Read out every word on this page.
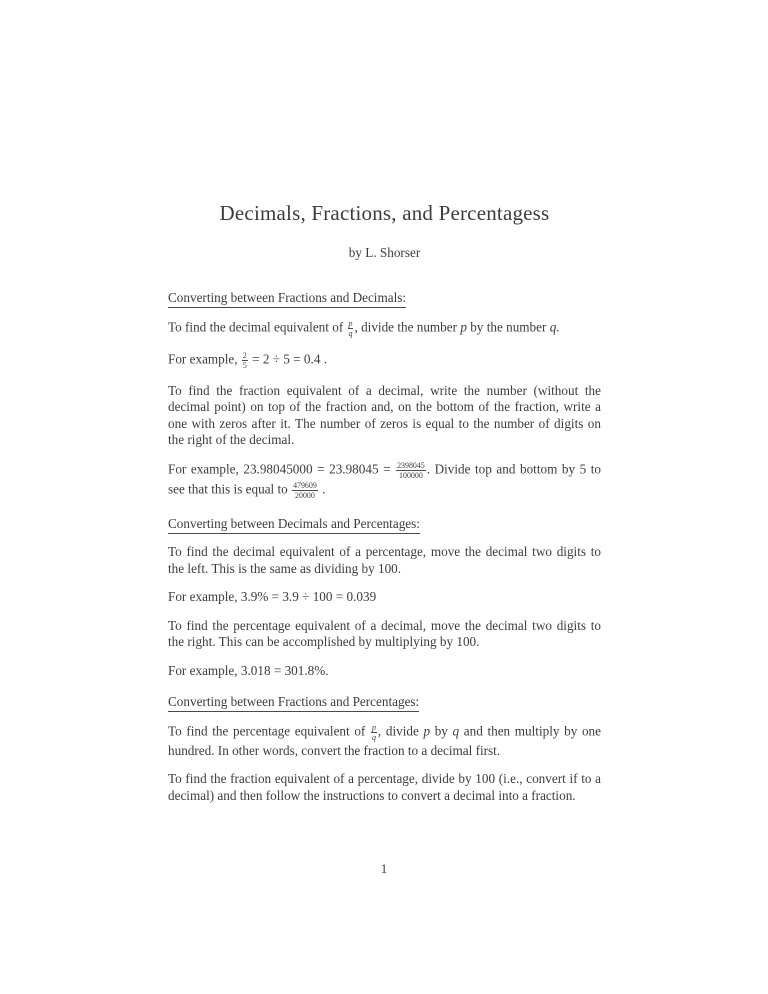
Decimals, Fractions, and Percentagess

by L. Shorser

Converting between Fractions and Decimals:

To find the decimal equivalent of $\frac{p}{q}$ , divide the number p by the number q.

For example, $\frac{2}{5} = 2 \div 5 = 0.4$ .

To find the fraction equivalent of a decimal, write the number (without the decimal point) on top of the fraction and, on the bottom of the fraction, write a one with zeros after it. The number of zeros is equal to the number of digits on the right of the decimal.

For example, $23.98045000 = 23.98045 = \frac{2398045}{100000}$ . Divide top and bottom by 5 to see that this is equal to $\frac{479609}{20000}$ .

Converting between Decimals and Percentages:

To find the decimal equivalent of a percentage, move the decimal two digits to the left. This is the same as dividing by 100.

For example, 3.9% = 3.9 ÷ 100 = 0.039

To find the percentage equivalent of a decimal, move the decimal two digits to the right. This can be accomplished by multiplying by 100.

For example, 3.018 = 301.8%.

Converting between Fractions and Percentages:

To find the percentage equivalent of $\frac{p}{q}$ , divide p by q and then multiply by one hundred. In other words, convert the fraction to a decimal first.

To find the fraction equivalent of a percentage, divide by 100 (i.e., convert if to a decimal) and then follow the instructions to convert a decimal into a fraction.

1
